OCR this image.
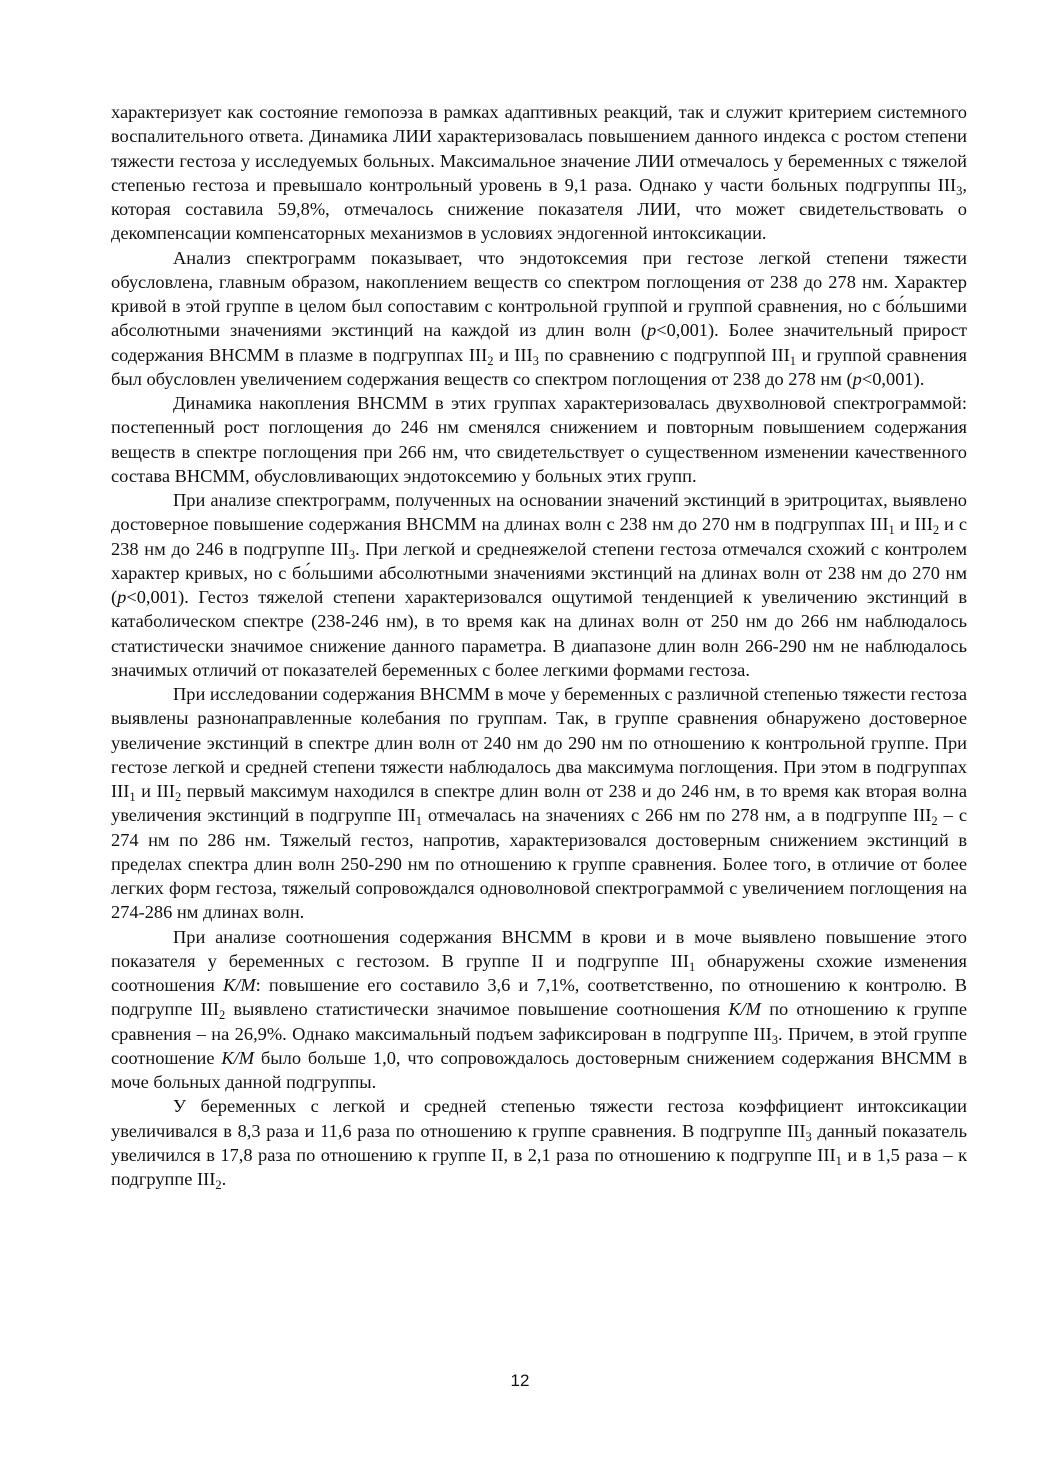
характеризует как состояние гемопоэза в рамках адаптивных реакций, так и служит критерием системного воспалительного ответа. Динамика ЛИИ характеризовалась повышением данного индекса с ростом степени тяжести гестоза у исследуемых больных. Максимальное значение ЛИИ отмечалось у беременных с тяжелой степенью гестоза и превышало контрольный уровень в 9,1 раза. Однако у части больных подгруппы $III_3$, которая составила 59,8%, отмечалось снижение показателя ЛИИ, что может свидетельствовать о декомпенсации компенсаторных механизмов в условиях эндогенной интоксикации.

Анализ спектрограмм показывает, что эндотоксемия при гестозе легкой степени тяжести обусловлена, главным образом, накоплением веществ со спектром поглощения от 238 до 278 нм. Характер кривой в этой группе в целом был сопоставим с контрольной группой и группой сравнения, но с бо́льшими абсолютными значениями экстинций на каждой из длин волн (p<0,001). Более значительный прирост содержания ВНСММ в плазме в подгруппах $III_2$ и $III_3$ по сравнению с подгруппой $III_1$ и группой сравнения был обусловлен увеличением содержания веществ со спектром поглощения от 238 до 278 нм (p<0,001).

Динамика накопления ВНСММ в этих группах характеризовалась двухволновой спектрограммой: постепенный рост поглощения до 246 нм сменялся снижением и повторным повышением содержания веществ в спектре поглощения при 266 нм, что свидетельствует о существенном изменении качественного состава ВНСММ, обусловливающих эндотоксемию у больных этих групп.

При анализе спектрограмм, полученных на основании значений экстинций в эритроцитах, выявлено достоверное повышение содержания ВНСММ на длинах волн с 238 нм до 270 нм в подгруппах $III_1$ и $III_2$ и с 238 нм до 246 в подгруппе $III_3$. При легкой и среднеяжелой степени гестоза отмечался схожий с контролем характер кривых, но с бо́льшими абсолютными значениями экстинций на длинах волн от 238 нм до 270 нм (p<0,001). Гестоз тяжелой степени характеризовался ощутимой тенденцией к увеличению экстинций в катаболическом спектре (238-246 нм), в то время как на длинах волн от 250 нм до 266 нм наблюдалось статистически значимое снижение данного параметра. В диапазоне длин волн 266-290 нм не наблюдалось значимых отличий от показателей беременных с более легкими формами гестоза.

При исследовании содержания ВНСММ в моче у беременных с различной степенью тяжести гестоза выявлены разнонаправленные колебания по группам. Так, в группе сравнения обнаружено достоверное увеличение экстинций в спектре длин волн от 240 нм до 290 нм по отношению к контрольной группе. При гестозе легкой и средней степени тяжести наблюдалось два максимума поглощения. При этом в подгруппах $III_1$ и $III_2$ первый максимум находился в спектре длин волн от 238 и до 246 нм, в то время как вторая волна увеличения экстинций в подгруппе $III_1$ отмечалась на значениях с 266 нм по 278 нм, а в подгруппе $III_2$ – с 274 нм по 286 нм. Тяжелый гестоз, напротив, характеризовался достоверным снижением экстинций в пределах спектра длин волн 250-290 нм по отношению к группе сравнения. Более того, в отличие от более легких форм гестоза, тяжелый сопровождался одноволновой спектрограммой с увеличением поглощения на 274-286 нм длинах волн.

При анализе соотношения содержания ВНСММ в крови и в моче выявлено повышение этого показателя у беременных с гестозом. В группе II и подгруппе $III_1$ обнаружены схожие изменения соотношения К/М: повышение его составило 3,6 и 7,1%, соответственно, по отношению к контролю. В подгруппе $III_2$ выявлено статистически значимое повышение соотношения К/М по отношению к группе сравнения – на 26,9%. Однако максимальный подъем зафиксирован в подгруппе $III_3$. Причем, в этой группе соотношение К/М было больше 1,0, что сопровождалось достоверным снижением содержания ВНСММ в моче больных данной подгруппы.

У беременных с легкой и средней степенью тяжести гестоза коэффициент интоксикации увеличивался в 8,3 раза и 11,6 раза по отношению к группе сравнения. В подгруппе $III_3$ данный показатель увеличился в 17,8 раза по отношению к группе II, в 2,1 раза по отношению к подгруппе $III_1$ и в 1,5 раза – к подгруппе $III_2$.

12
